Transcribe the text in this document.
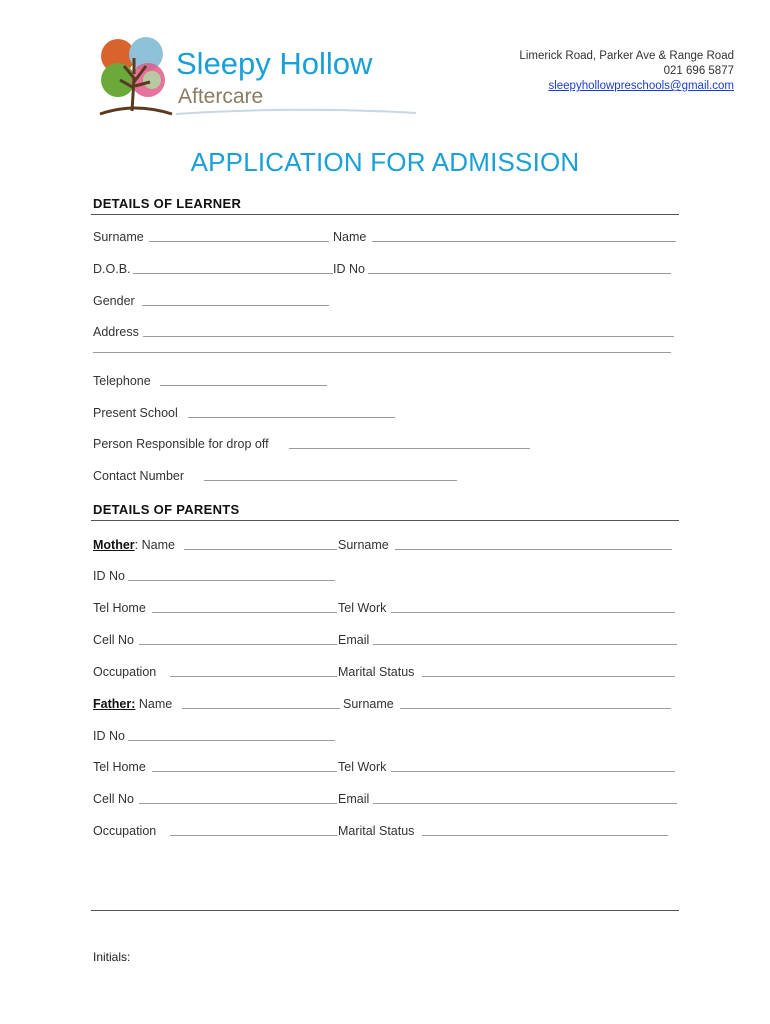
Sleepy Hollow
Aftercare
Limerick Road, Parker Ave & Range Road
021 696 5877
sleepyhollowpreschools@gmail.com
APPLICATION FOR ADMISSION
DETAILS OF LEARNER
Surname	Name
D.O.B.	ID No
Gender
Address
Telephone
Present School
Person Responsible for drop off
Contact Number
DETAILS OF PARENTS
Mother: Name	Surname
ID No
Tel Home	Tel Work
Cell No	Email
Occupation	Marital Status
Father: Name	Surname
ID No
Tel Home	Tel Work
Cell No	Email
Occupation	Marital Status
Initials:
